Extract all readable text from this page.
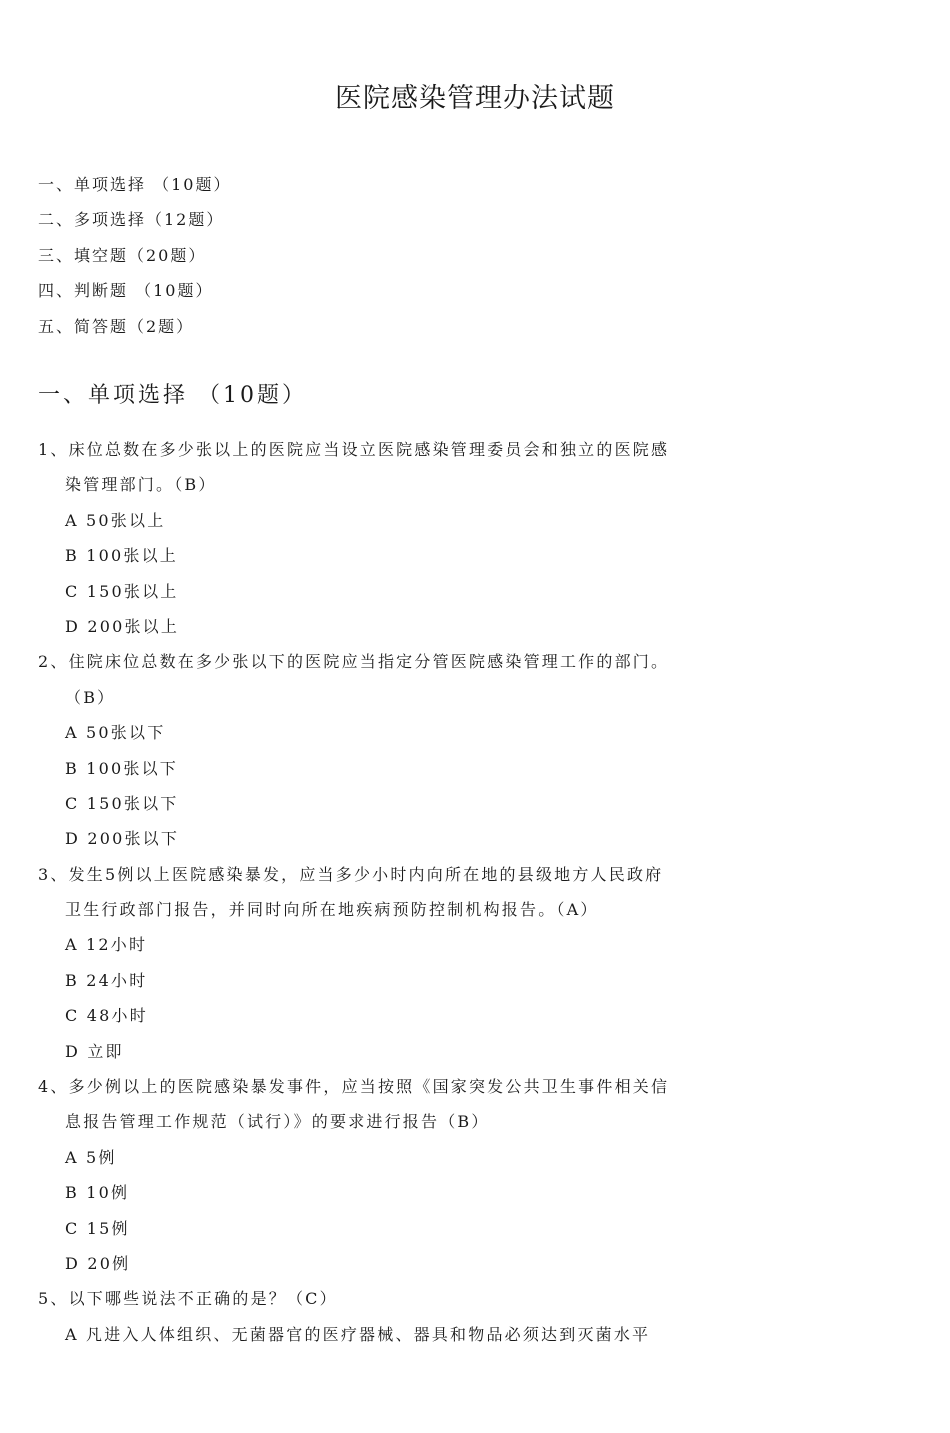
医院感染管理办法试题
一、单项选择 （10题）
二、多项选择（12题）
三、填空题（20题）
四、判断题 （10题）
五、简答题（2题）
一、单项选择 （10题）
1、床位总数在多少张以上的医院应当设立医院感染管理委员会和独立的医院感
染管理部门。（B）
A 50张以上
B 100张以上
C 150张以上
D 200张以上
2、住院床位总数在多少张以下的医院应当指定分管医院感染管理工作的部门。
（B）
A 50张以下
B 100张以下
C 150张以下
D 200张以下
3、发生5例以上医院感染暴发，应当多少小时内向所在地的县级地方人民政府
卫生行政部门报告，并同时向所在地疾病预防控制机构报告。（A）
A 12小时
B 24小时
C 48小时
D 立即
4、多少例以上的医院感染暴发事件，应当按照《国家突发公共卫生事件相关信
息报告管理工作规范（试行）》的要求进行报告（B）
A 5例
B 10例
C 15例
D 20例
5、以下哪些说法不正确的是？（C）
A 凡进入人体组织、无菌器官的医疗器械、器具和物品必须达到灭菌水平
